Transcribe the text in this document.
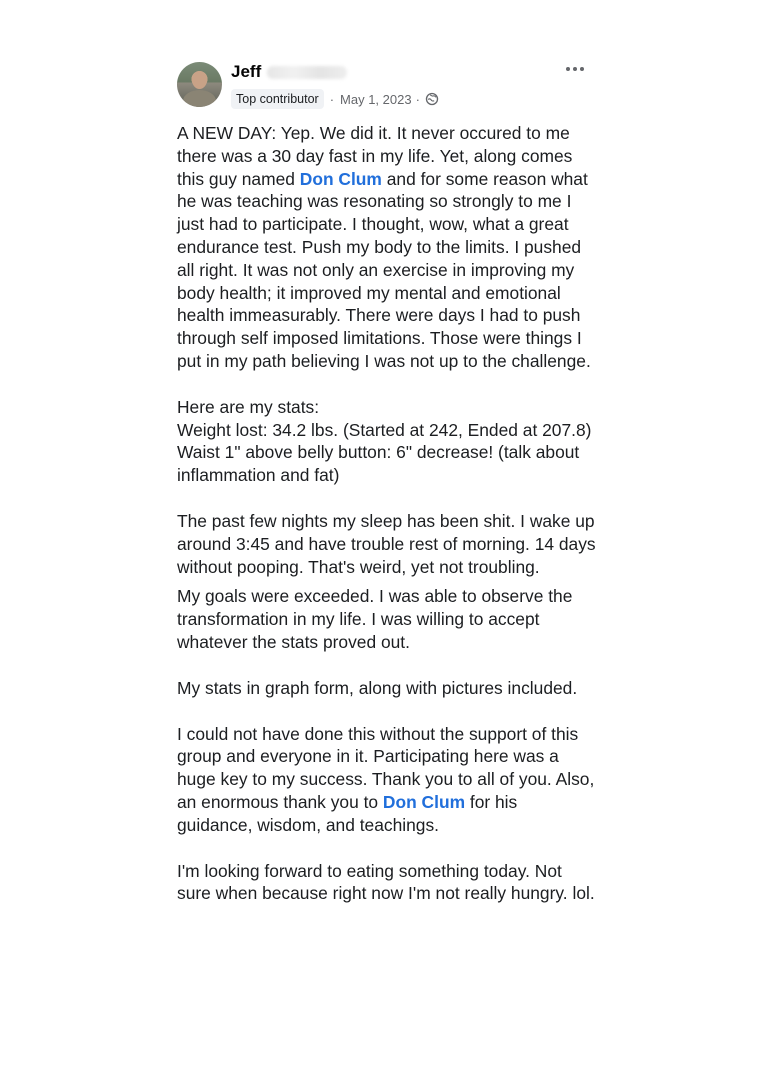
Jeff
Top contributor · May 1, 2023 ·

A NEW DAY: Yep. We did it. It never occured to me there was a 30 day fast in my life. Yet, along comes this guy named Don Clum and for some reason what he was teaching was resonating so strongly to me I just had to participate. I thought, wow, what a great endurance test. Push my body to the limits. I pushed all right. It was not only an exercise in improving my body health; it improved my mental and emotional health immeasurably. There were days I had to push through self imposed limitations. Those were things I put in my path believing I was not up to the challenge.

Here are my stats:

Weight lost: 34.2 lbs. (Started at 242, Ended at 207.8)

Waist 1" above belly button: 6" decrease! (talk about inflammation and fat)

The past few nights my sleep has been shit. I wake up around 3:45 and have trouble rest of morning. 14 days without pooping. That's weird, yet not troubling.

My goals were exceeded. I was able to observe the transformation in my life. I was willing to accept whatever the stats proved out.

My stats in graph form, along with pictures included.

I could not have done this without the support of this group and everyone in it. Participating here was a huge key to my success. Thank you to all of you. Also, an enormous thank you to Don Clum for his guidance, wisdom, and teachings.

I'm looking forward to eating something today. Not sure when because right now I'm not really hungry. lol.
